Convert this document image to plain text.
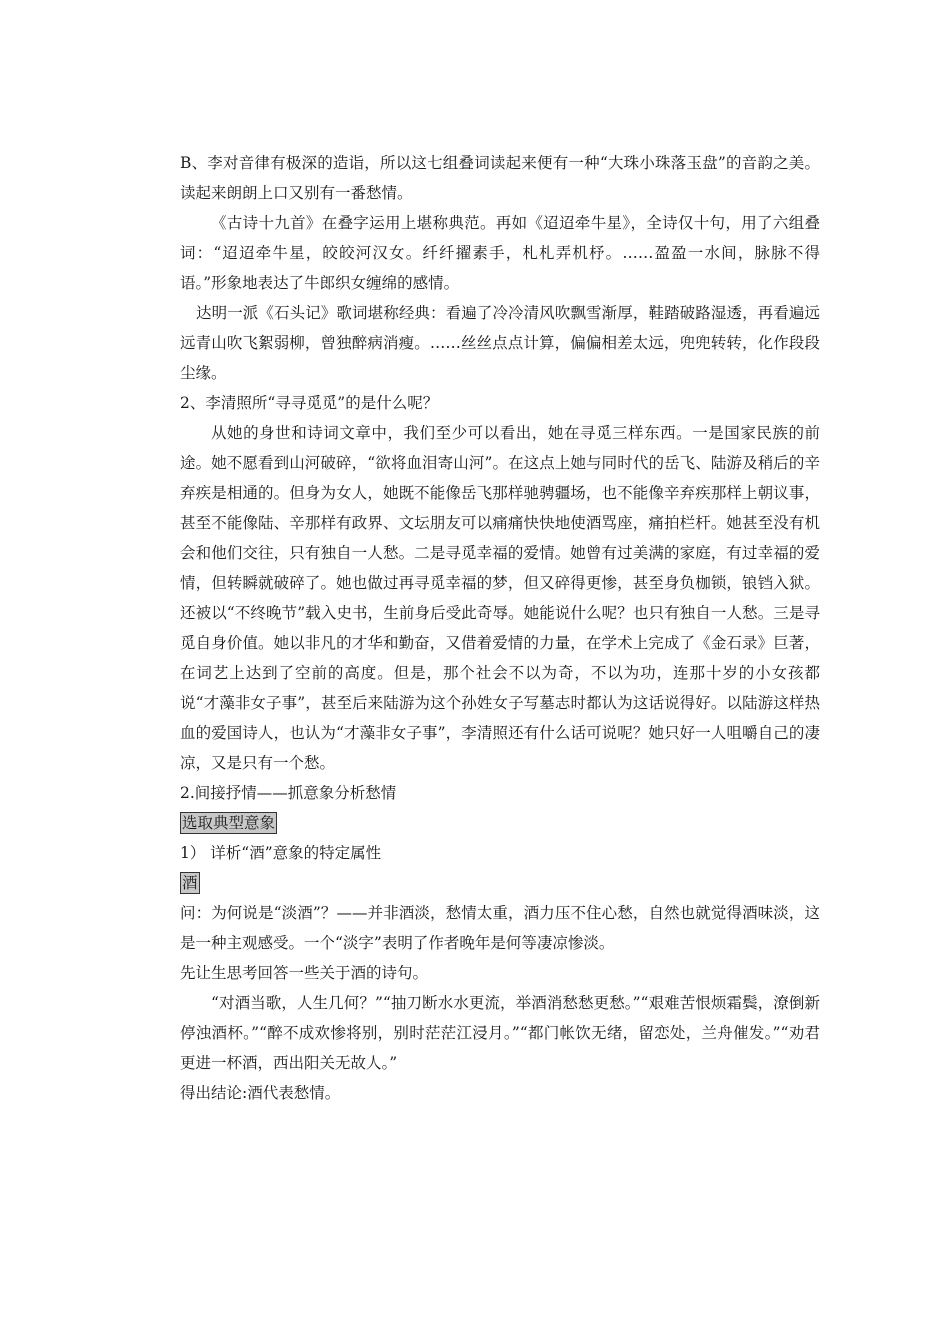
B、李对音律有极深的造诣，所以这七组叠词读起来便有一种“大珠小珠落玉盘”的音韵之美。读起来朗朗上口又别有一番愁情。

《古诗十九首》在叠字运用上堪称典范。再如《迢迢牵牛星》，全诗仅十句，用了六组叠词：“迢迢牵牛星，皎皎河汉女。纤纤擢素手，札札弄机杼。……盈盈一水间，脉脉不得语。”形象地表达了牛郎织女缠绵的感情。

达明一派《石头记》歌词堪称经典：看遍了冷冷清风吹飘雪渐厚，鞋踏破路湿透，再看遍远远青山吹飞絮弱柳，曾独醉病消瘦。……丝丝点点计算，偏偏相差太远，兜兜转转，化作段段尘缘。

2、李清照所“寻寻觅觅”的是什么呢？

从她的身世和诗词文章中，我们至少可以看出，她在寻觅三样东西。一是国家民族的前途。她不愿看到山河破碎，“欲将血泪寄山河”。在这点上她与同时代的岳飞、陆游及稍后的辛弃疾是相通的。但身为女人，她既不能像岳飞那样驰骋疆场，也不能像辛弃疾那样上朝议事，甚至不能像陆、辛那样有政界、文坛朋友可以痛痛快快地使酒骂座，痛拍栏杆。她甚至没有机会和他们交往，只有独自一人愁。二是寻觅幸福的爱情。她曾有过美满的家庭，有过幸福的爱情，但转瞬就破碎了。她也做过再寻觅幸福的梦，但又碎得更惨，甚至身负枷锁，锒铛入狱。还被以“不终晚节”载入史书，生前身后受此奇辱。她能说什么呢？也只有独自一人愁。三是寻觅自身价值。她以非凡的才华和勤奋，又借着爱情的力量，在学术上完成了《金石录》巨著，在词艺上达到了空前的高度。但是，那个社会不以为奇，不以为功，连那十岁的小女孩都说“才藻非女子事”，甚至后来陆游为这个孙姓女子写墓志时都认为这话说得好。以陆游这样热血的爱国诗人，也认为“才藻非女子事”，李清照还有什么话可说呢？她只好一人咀嚼自己的凄凉，又是只有一个愁。

2.间接抒情——抓意象分析愁情

选取典型意象

1） 详析“酒”意象的特定属性

酒

问：为何说是“淡酒”？——并非酒淡，愁情太重，酒力压不住心愁，自然也就觉得酒味淡，这是一种主观感受。一个“淡字”表明了作者晚年是何等凄凉惨淡。

先让生思考回答一些关于酒的诗句。

“对酒当歌，人生几何？”“抽刀断水水更流，举酒消愁愁更愁。”“艰难苦恨烦霜鬓，潦倒新停浊酒杯。”“醉不成欢惨将别，别时茫茫江浸月。”“都门帐饮无绪，留恋处，兰舟催发。”“劝君更进一杯酒，西出阳关无故人。”

得出结论:酒代表愁情。
